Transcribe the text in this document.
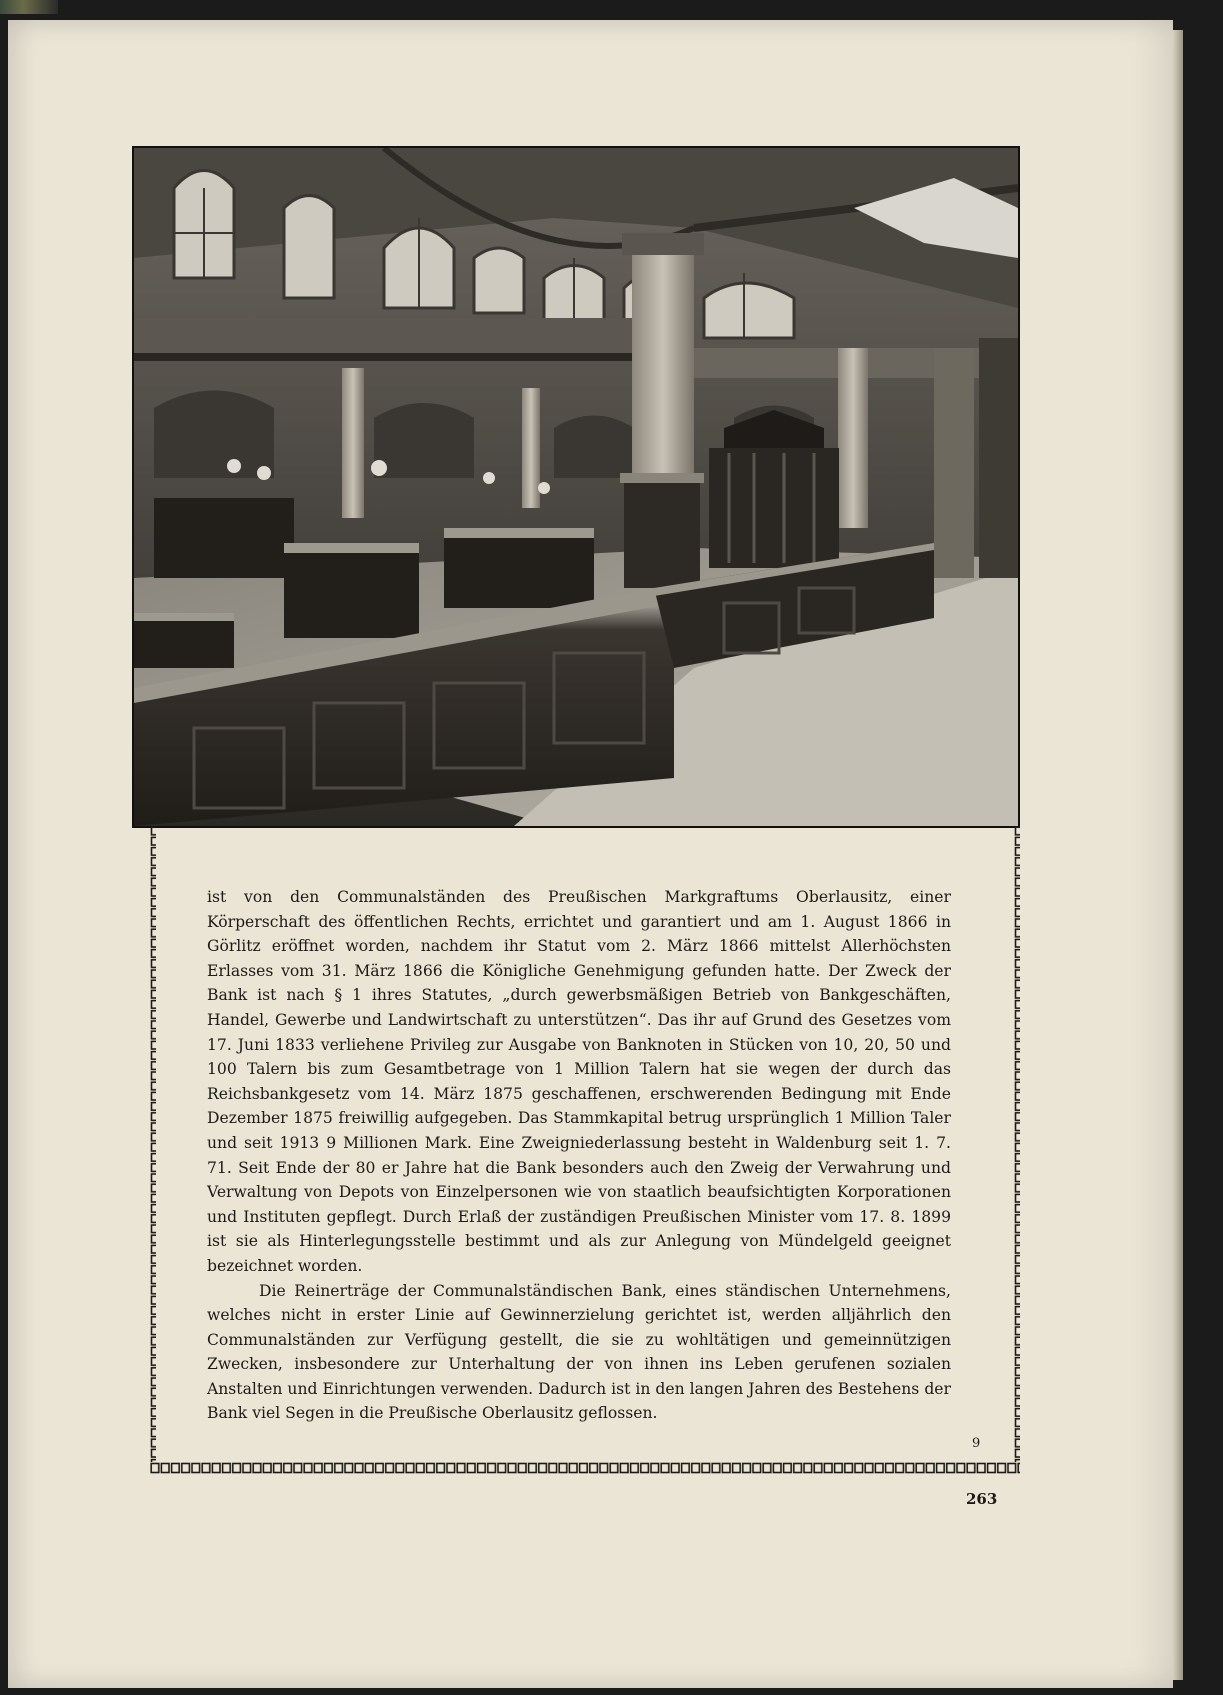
ist von den Communalständen des Preußischen Markgraftums Oberlausitz, einer Körperschaft des öffentlichen Rechts, errichtet und garantiert und am 1. August 1866 in Görlitz eröffnet worden, nachdem ihr Statut vom 2. März 1866 mittelst Allerhöchsten Erlasses vom 31. März 1866 die Königliche Genehmigung gefunden hatte. Der Zweck der Bank ist nach § 1 ihres Statutes, „durch gewerbsmäßigen Betrieb von Bankgeschäften, Handel, Gewerbe und Landwirtschaft zu unterstützen“. Das ihr auf Grund des Gesetzes vom 17. Juni 1833 verliehene Privileg zur Ausgabe von Banknoten in Stücken von 10, 20, 50 und 100 Talern bis zum Gesamtbetrage von 1 Million Talern hat sie wegen der durch das Reichsbankgesetz vom 14. März 1875 geschaffenen, erschwerenden Bedingung mit Ende Dezember 1875 freiwillig aufgegeben. Das Stammkapital betrug ursprünglich 1 Million Taler und seit 1913 9 Millionen Mark. Eine Zweigniederlassung besteht in Waldenburg seit 1. 7. 71. Seit Ende der 80 er Jahre hat die Bank besonders auch den Zweig der Verwahrung und Verwaltung von Depots von Einzelpersonen wie von staatlich beaufsichtigten Korporationen und Instituten gepflegt. Durch Erlaß der zuständigen Preußischen Minister vom 17. 8. 1899 ist sie als Hinterlegungsstelle bestimmt und als zur Anlegung von Mündelgeld geeignet bezeichnet worden.

Die Reinerträge der Communalständischen Bank, eines ständischen Unternehmens, welches nicht in erster Linie auf Gewinnerzielung gerichtet ist, werden alljährlich den Communalständen zur Verfügung gestellt, die sie zu wohltätigen und gemeinnützigen Zwecken, insbesondere zur Unterhaltung der von ihnen ins Leben gerufenen sozialen Anstalten und Einrichtungen verwenden. Dadurch ist in den langen Jahren des Bestehens der Bank viel Segen in die Preußische Oberlausitz geflossen.

9
263
